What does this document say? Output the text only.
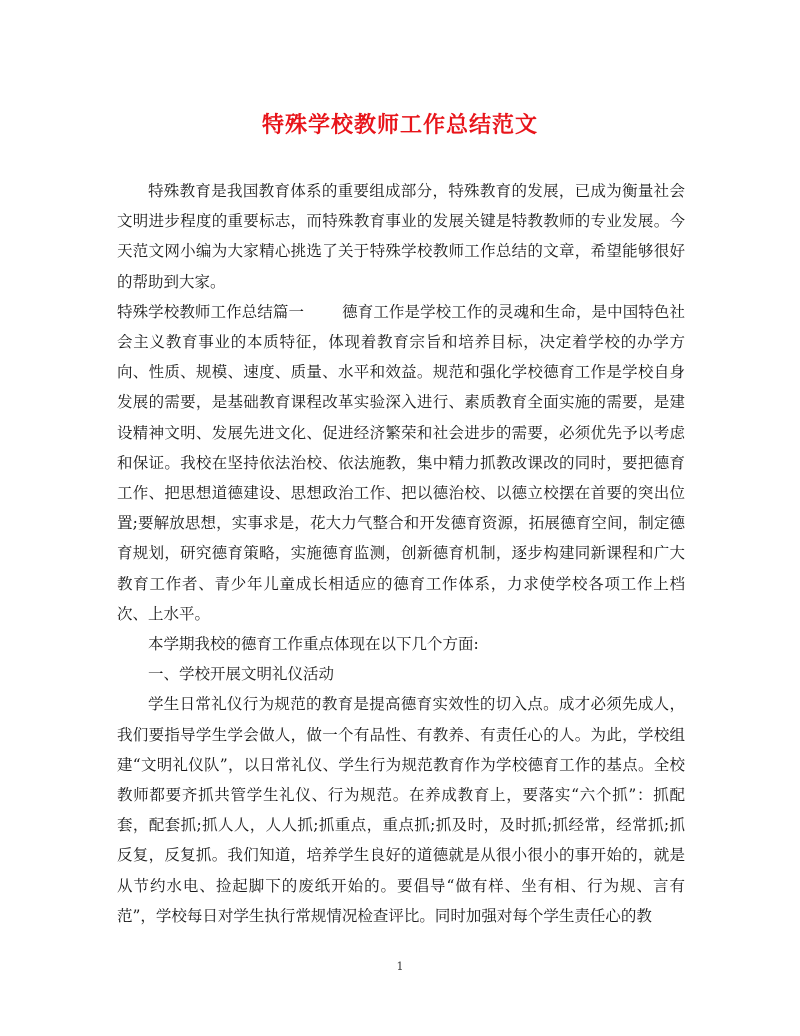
特殊学校教师工作总结范文

特殊教育是我国教育体系的重要组成部分，特殊教育的发展，已成为衡量社会文明进步程度的重要标志，而特殊教育事业的发展关键是特教教师的专业发展。今天范文网小编为大家精心挑选了关于特殊学校教师工作总结的文章，希望能够很好的帮助到大家。

特殊学校教师工作总结篇一 德育工作是学校工作的灵魂和生命，是中国特色社会主义教育事业的本质特征，体现着教育宗旨和培养目标，决定着学校的办学方向、性质、规模、速度、质量、水平和效益。规范和强化学校德育工作是学校自身发展的需要，是基础教育课程改革实验深入进行、素质教育全面实施的需要，是建设精神文明、发展先进文化、促进经济繁荣和社会进步的需要，必须优先予以考虑和保证。我校在坚持依法治校、依法施教，集中精力抓教改课改的同时，要把德育工作、把思想道德建设、思想政治工作、把以德治校、以德立校摆在首要的突出位置;要解放思想，实事求是，花大力气整合和开发德育资源，拓展德育空间，制定德育规划，研究德育策略，实施德育监测，创新德育机制，逐步构建同新课程和广大教育工作者、青少年儿童成长相适应的德育工作体系，力求使学校各项工作上档次、上水平。

本学期我校的德育工作重点体现在以下几个方面:

一、学校开展文明礼仪活动

学生日常礼仪行为规范的教育是提高德育实效性的切入点。成才必须先成人，我们要指导学生学会做人，做一个有品性、有教养、有责任心的人。为此，学校组建“文明礼仪队”，以日常礼仪、学生行为规范教育作为学校德育工作的基点。全校教师都要齐抓共管学生礼仪、行为规范。在养成教育上，要落实“六个抓”：抓配套，配套抓;抓人人，人人抓;抓重点，重点抓;抓及时，及时抓;抓经常，经常抓;抓反复，反复抓。我们知道，培养学生良好的道德就是从很小很小的事开始的，就是从节约水电、捡起脚下的废纸开始的。要倡导“做有样、坐有相、行为规、言有范”，学校每日对学生执行常规情况检查评比。同时加强对每个学生责任心的教

1
